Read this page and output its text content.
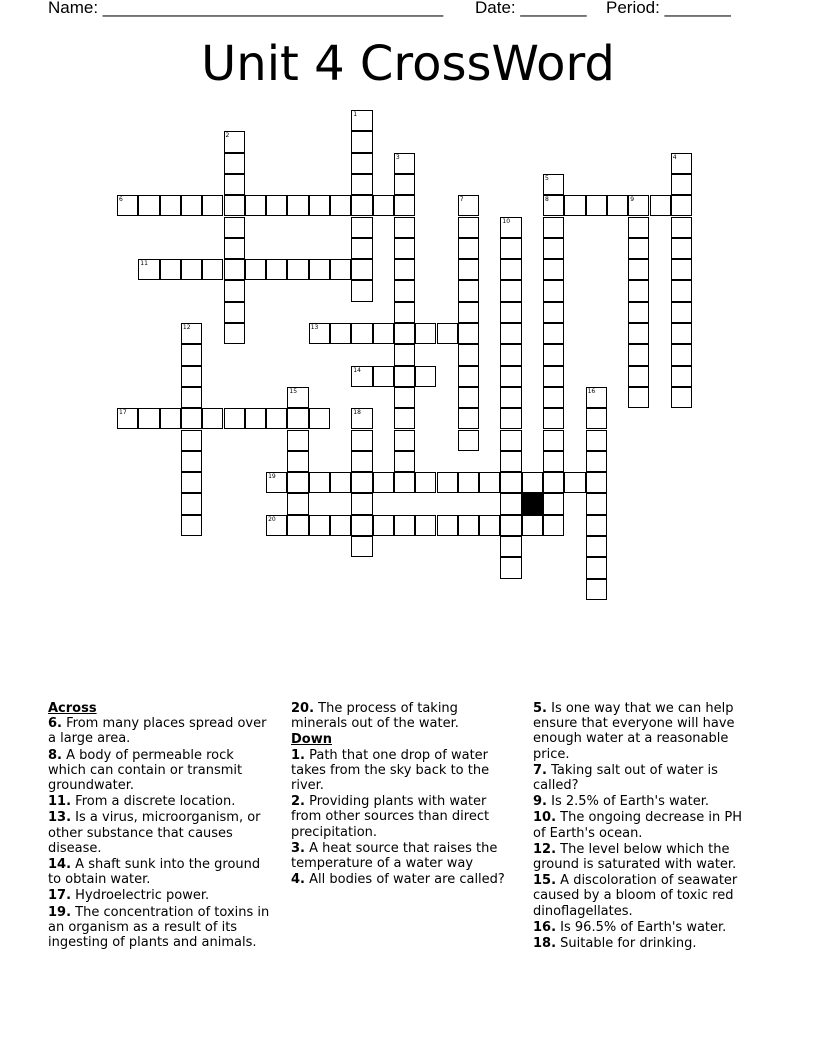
Name: ____________________________________ Date: _______ Period: _______
Unit 4 CrossWord
6	8	9
11
13
14
17
19
20
1
2
3	4
5
7
10
12
15	16
18
Across
6. From many places spread over a large area.
8. A body of permeable rock which can contain or transmit groundwater.
11. From a discrete location.
13. Is a virus, microorganism, or other substance that causes disease.
14. A shaft sunk into the ground to obtain water.
17. Hydroelectric power.
19. The concentration of toxins in an organism as a result of its ingesting of plants and animals.
20. The process of taking minerals out of the water.
Down
1. Path that one drop of water takes from the sky back to the river.
2. Providing plants with water from other sources than direct precipitation.
3. A heat source that raises the temperature of a water way
4. All bodies of water are called?
5. Is one way that we can help ensure that everyone will have enough water at a reasonable price.
7. Taking salt out of water is called?
9. Is 2.5% of Earth's water.
10. The ongoing decrease in PH of Earth's ocean.
12. The level below which the ground is saturated with water.
15. A discoloration of seawater caused by a bloom of toxic red dinoflagellates.
16. Is 96.5% of Earth's water.
18. Suitable for drinking.
